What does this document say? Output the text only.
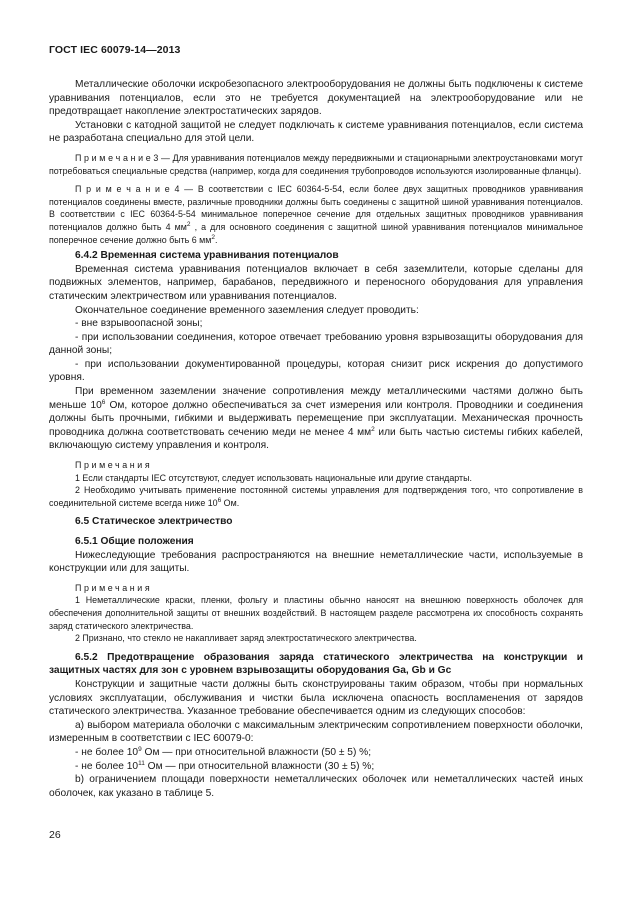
ГОСТ IEC 60079-14—2013

Металлические оболочки искробезопасного электрооборудования не должны быть подключены к системе уравнивания потенциалов, если это не требуется документацией на электрооборудование или не предотвращает накопление электростатических зарядов.

Установки с катодной защитой не следует подключать к системе уравнивания потенциалов, если система не разработана специально для этой цели.

П р и м е ч а н и е 3 — Для уравнивания потенциалов между передвижными и стационарными электроустановками могут потребоваться специальные средства (например, когда для соединения трубопроводов используются изолированные фланцы).

П р и м е ч а н и е 4 — В соответствии с IEC 60364-5-54, если более двух защитных проводников уравнивания потенциалов соединены вместе, различные проводники должны быть соединены с защитной шиной уравнивания потенциалов. В соответствии с IEC 60364-5-54 минимальное поперечное сечение для отдельных защитных проводников уравнивания потенциалов должно быть 4 $мм^2$ , а для основного соединения с защитной шиной уравнивания потенциалов минимальное поперечное сечение должно быть 6 $мм^2$.

6.4.2 Временная система уравнивания потенциалов

Временная система уравнивания потенциалов включает в себя заземлители, которые сделаны для подвижных элементов, например, барабанов, передвижного и переносного оборудования для управления статическим электричеством или уравнивания потенциалов.

Окончательное соединение временного заземления следует проводить:

- вне взрывоопасной зоны;

- при использовании соединения, которое отвечает требованию уровня взрывозащиты оборудования для данной зоны;

- при использовании документированной процедуры, которая снизит риск искрения до допустимого уровня.

При временном заземлении значение сопротивления между металлическими частями должно быть меньше $10^6$ Ом, которое должно обеспечиваться за счет измерения или контроля. Проводники и соединения должны быть прочными, гибкими и выдерживать перемещение при эксплуатации. Механическая прочность проводника должна соответствовать сечению меди не менее 4 $мм^2$ или быть частью системы гибких кабелей, включающую систему управления и контроля.

Примечания

1 Если стандарты IEC отсутствуют, следует использовать национальные или другие стандарты.

2 Необходимо учитывать применение постоянной системы управления для подтверждения того, что сопротивление в соединительной системе всегда ниже $10^6$ Ом.

6.5 Статическое электричество

6.5.1 Общие положения

Нижеследующие требования распространяются на внешние неметаллические части, используемые в конструкции или для защиты.

Примечания

1 Неметаллические краски, пленки, фольгу и пластины обычно наносят на внешнюю поверхность оболочек для обеспечения дополнительной защиты от внешних воздействий. В настоящем разделе рассмотрена их способность сохранять заряд статического электричества.

2 Признано, что стекло не накапливает заряд электростатического электричества.

6.5.2 Предотвращение образования заряда статического электричества на конструкции и защитных частях для зон с уровнем взрывозащиты оборудования Ga, Gb и Gc

Конструкции и защитные части должны быть сконструированы таким образом, чтобы при нормальных условиях эксплуатации, обслуживания и чистки была исключена опасность воспламенения от зарядов статического электричества. Указанное требование обеспечивается одним из следующих способов:

а) выбором материала оболочки с максимальным электрическим сопротивлением поверхности оболочки, измеренным в соответствии с IEC 60079-0:

- не более $10^9$ Ом — при относительной влажности (50 ± 5) %;

- не более $10^{11}$ Ом — при относительной влажности (30 ± 5) %;

b) ограничением площади поверхности неметаллических оболочек или неметаллических частей иных оболочек, как указано в таблице 5.

26
